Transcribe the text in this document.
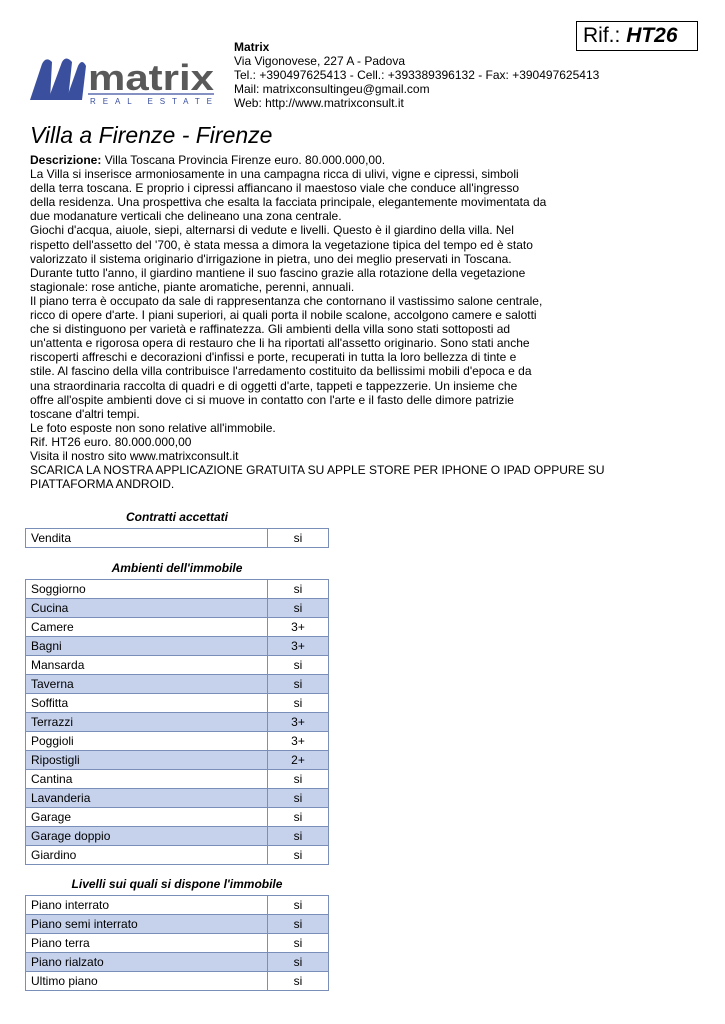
Rif.: HT26
matrix
REAL ESTATE
Matrix
Via Vigonovese, 227 A - Padova
Tel.: +390497625413 - Cell.: +393389396132 - Fax: +390497625413
Mail: matrixconsultingeu@gmail.com
Web: http://www.matrixconsult.it
Villa a Firenze - Firenze
Descrizione: Villa Toscana Provincia Firenze euro. 80.000.000,00.
La Villa si inserisce armoniosamente in una campagna ricca di ulivi, vigne e cipressi, simboli
della terra toscana. E proprio i cipressi affiancano il maestoso viale che conduce all'ingresso
della residenza. Una prospettiva che esalta la facciata principale, elegantemente movimentata da
due modanature verticali che delineano una zona centrale.
Giochi d'acqua, aiuole, siepi, alternarsi di vedute e livelli. Questo è il giardino della villa. Nel
rispetto dell'assetto del '700, è stata messa a dimora la vegetazione tipica del tempo ed è stato
valorizzato il sistema originario d'irrigazione in pietra, uno dei meglio preservati in Toscana.
Durante tutto l'anno, il giardino mantiene il suo fascino grazie alla rotazione della vegetazione
stagionale: rose antiche, piante aromatiche, perenni, annuali.
Il piano terra è occupato da sale di rappresentanza che contornano il vastissimo salone centrale,
ricco di opere d'arte. I piani superiori, ai quali porta il nobile scalone, accolgono camere e salotti
che si distinguono per varietà e raffinatezza. Gli ambienti della villa sono stati sottoposti ad
un'attenta e rigorosa opera di restauro che li ha riportati all'assetto originario. Sono stati anche
riscoperti affreschi e decorazioni d'infissi e porte, recuperati in tutta la loro bellezza di tinte e
stile. Al fascino della villa contribuisce l'arredamento costituito da bellissimi mobili d'epoca e da
una straordinaria raccolta di quadri e di oggetti d'arte, tappeti e tappezzerie. Un insieme che
offre all'ospite ambienti dove ci si muove in contatto con l'arte e il fasto delle dimore patrizie
toscane d'altri tempi.
Le foto esposte non sono relative all'immobile.
Rif. HT26 euro. 80.000.000,00
Visita il nostro sito www.matrixconsult.it
SCARICA LA NOSTRA APPLICAZIONE GRATUITA SU APPLE STORE PER IPHONE O IPAD OPPURE SU
PIATTAFORMA ANDROID.
Contratti accettati
Vendita	si
Ambienti dell'immobile
Soggiorno	si
Cucina	si
Camere	3+
Bagni	3+
Mansarda	si
Taverna	si
Soffitta	si
Terrazzi	3+
Poggioli	3+
Ripostigli	2+
Cantina	si
Lavanderia	si
Garage	si
Garage doppio	si
Giardino	si
Livelli sui quali si dispone l'immobile
Piano interrato	si
Piano semi interrato	si
Piano terra	si
Piano rialzato	si
Ultimo piano	si
